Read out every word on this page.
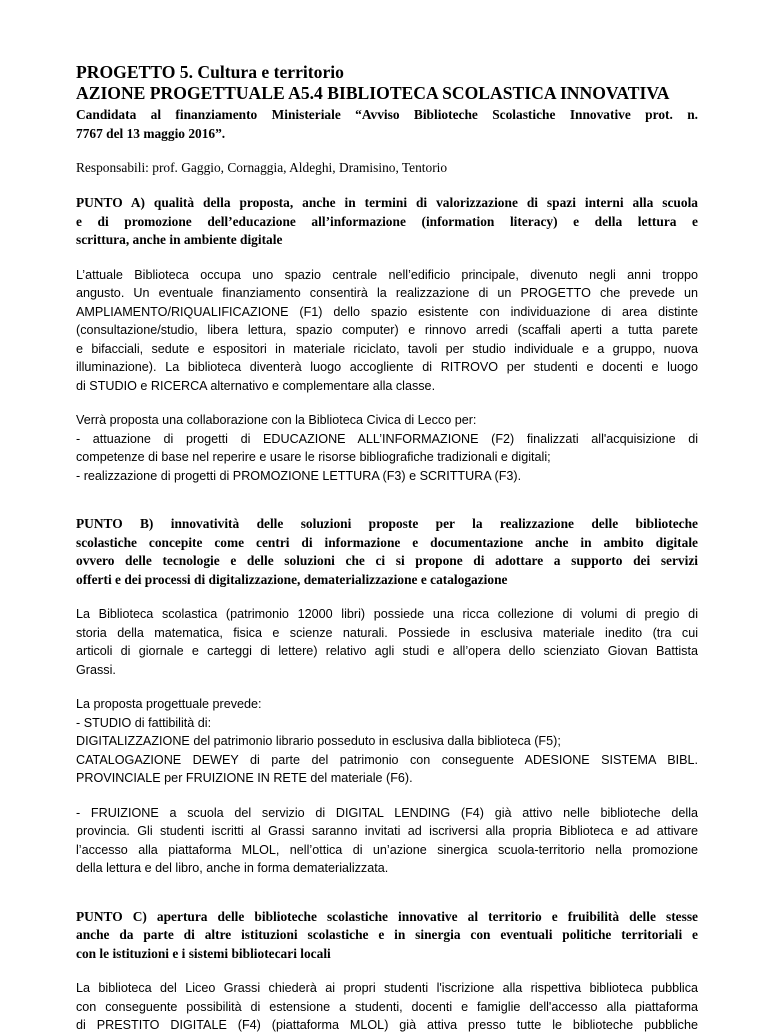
PROGETTO 5. Cultura e territorio
AZIONE PROGETTUALE A5.4 BIBLIOTECA SCOLASTICA INNOVATIVA
Candidata al finanziamento Ministeriale “Avviso Biblioteche Scolastiche Innovative prot. n.
7767 del 13 maggio 2016”.
Responsabili: prof. Gaggio, Cornaggia, Aldeghi, Dramisino, Tentorio
PUNTO A) qualità della proposta, anche in termini di valorizzazione di spazi interni alla scuola
e di promozione dell’educazione all’informazione (information literacy) e della lettura e
scrittura, anche in ambiente digitale
L’attuale Biblioteca occupa uno spazio centrale nell’edificio principale, divenuto negli anni troppo
angusto. Un eventuale finanziamento consentirà la realizzazione di un PROGETTO che prevede un
AMPLIAMENTO/RIQUALIFICAZIONE (F1) dello spazio esistente con individuazione di area distinte
(consultazione/studio, libera lettura, spazio computer) e rinnovo arredi (scaffali aperti a tutta parete
e bifacciali, sedute e espositori in materiale riciclato, tavoli per studio individuale e a gruppo, nuova
illuminazione). La biblioteca diventerà luogo accogliente di RITROVO per studenti e docenti e luogo
di STUDIO e RICERCA alternativo e complementare alla classe.
Verrà proposta una collaborazione con la Biblioteca Civica di Lecco per:
- attuazione di progetti di EDUCAZIONE ALL’INFORMAZIONE (F2) finalizzati all'acquisizione di
competenze di base nel reperire e usare le risorse bibliografiche tradizionali e digitali;
- realizzazione di progetti di PROMOZIONE LETTURA (F3) e SCRITTURA (F3).
PUNTO B) innovatività delle soluzioni proposte per la realizzazione delle biblioteche
scolastiche concepite come centri di informazione e documentazione anche in ambito digitale
ovvero delle tecnologie e delle soluzioni che ci si propone di adottare a supporto dei servizi
offerti e dei processi di digitalizzazione, dematerializzazione e catalogazione
La Biblioteca scolastica (patrimonio 12000 libri) possiede una ricca collezione di volumi di pregio di
storia della matematica, fisica e scienze naturali. Possiede in esclusiva materiale inedito (tra cui
articoli di giornale e carteggi di lettere) relativo agli studi e all’opera dello scienziato Giovan Battista
Grassi.
La proposta progettuale prevede:
- STUDIO di fattibilità di:
DIGITALIZZAZIONE del patrimonio librario posseduto in esclusiva dalla biblioteca (F5);
CATALOGAZIONE DEWEY di parte del patrimonio con conseguente ADESIONE SISTEMA BIBL.
PROVINCIALE per FRUIZIONE IN RETE del materiale (F6).
- FRUIZIONE a scuola del servizio di DIGITAL LENDING (F4) già attivo nelle biblioteche della
provincia. Gli studenti iscritti al Grassi saranno invitati ad iscriversi alla propria Biblioteca e ad attivare
l’accesso alla piattaforma MLOL, nell’ottica di un’azione sinergica scuola-territorio nella promozione
della lettura e del libro, anche in forma dematerializzata.
PUNTO C) apertura delle biblioteche scolastiche innovative al territorio e fruibilità delle stesse
anche da parte di altre istituzioni scolastiche e in sinergia con eventuali politiche territoriali e
con le istituzioni e i sistemi bibliotecari locali
La biblioteca del Liceo Grassi chiederà ai propri studenti l'iscrizione alla rispettiva biblioteca pubblica
con conseguente possibilità di estensione a studenti, docenti e famiglie dell'accesso alla piattaforma
di PRESTITO DIGITALE (F4) (piattaforma MLOL) già attiva presso tutte le biblioteche pubbliche
